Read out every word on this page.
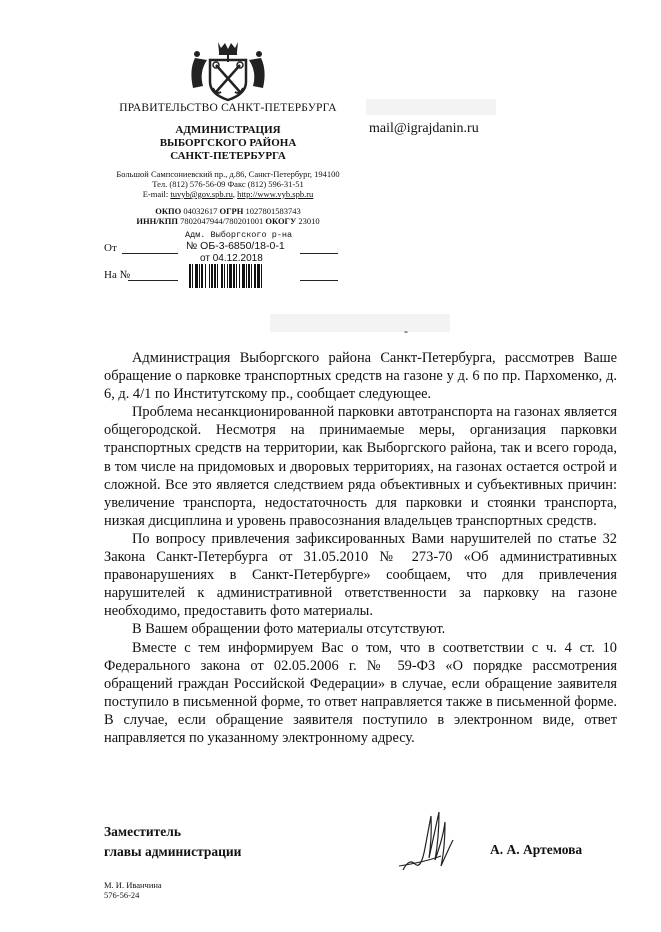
ПРАВИТЕЛЬСТВО САНКТ-ПЕТЕРБУРГА
АДМИНИСТРАЦИЯ
ВЫБОРГСКОГО РАЙОНА
САНКТ-ПЕТЕРБУРГА
Большой Сампсониевский пр., д.86, Санкт-Петербург, 194100
Тел. (812) 576-56-09 Факс (812) 596-31-51
E-mail: tuvyb@gov.spb.ru, http://www.vyb.spb.ru
ОКПО 04032617 ОГРН 1027801583743
ИНН/КПП 7802047944/780201001 ОКОГУ 23010
Адм. Выборгского р-на
№ ОБ-3-6850/18-0-1
от 04.12.2018
От
На №
mail@igrajdanin.ru
-

Администрация Выборгского района Санкт-Петербурга, рассмотрев Ваше обращение о парковке транспортных средств на газоне у д. 6 по пр. Пархоменко, д. 6, д. 4/1 по Институтскому пр., сообщает следующее.

Проблема несанкционированной парковки автотранспорта на газонах является общегородской. Несмотря на принимаемые меры, организация парковки транспортных средств на территории, как Выборгского района, так и всего города, в том числе на придомовых и дворовых территориях, на газонах остается острой и сложной. Все это является следствием ряда объективных и субъективных причин: увеличение транспорта, недостаточность для парковки и стоянки транспорта, низкая дисциплина и уровень правосознания владельцев транспортных средств.

По вопросу привлечения зафиксированных Вами нарушителей по статье 32 Закона Санкт-Петербурга от 31.05.2010 № 273-70 «Об административных правонарушениях в Санкт-Петербурге» сообщаем, что для привлечения нарушителей к административной ответственности за парковку на газоне необходимо, предоставить фото материалы.

В Вашем обращении фото материалы отсутствуют.

Вместе с тем информируем Вас о том, что в соответствии с ч. 4 ст. 10 Федерального закона от 02.05.2006 г. № 59-ФЗ «О порядке рассмотрения обращений граждан Российской Федерации» в случае, если обращение заявителя поступило в письменной форме, то ответ направляется также в письменной форме. В случае, если обращение заявителя поступило в электронном виде, ответ направляется по указанному электронному адресу.

Заместитель
главы администрации	А. А. Артемова
М. И. Иванчина
576-56-24
